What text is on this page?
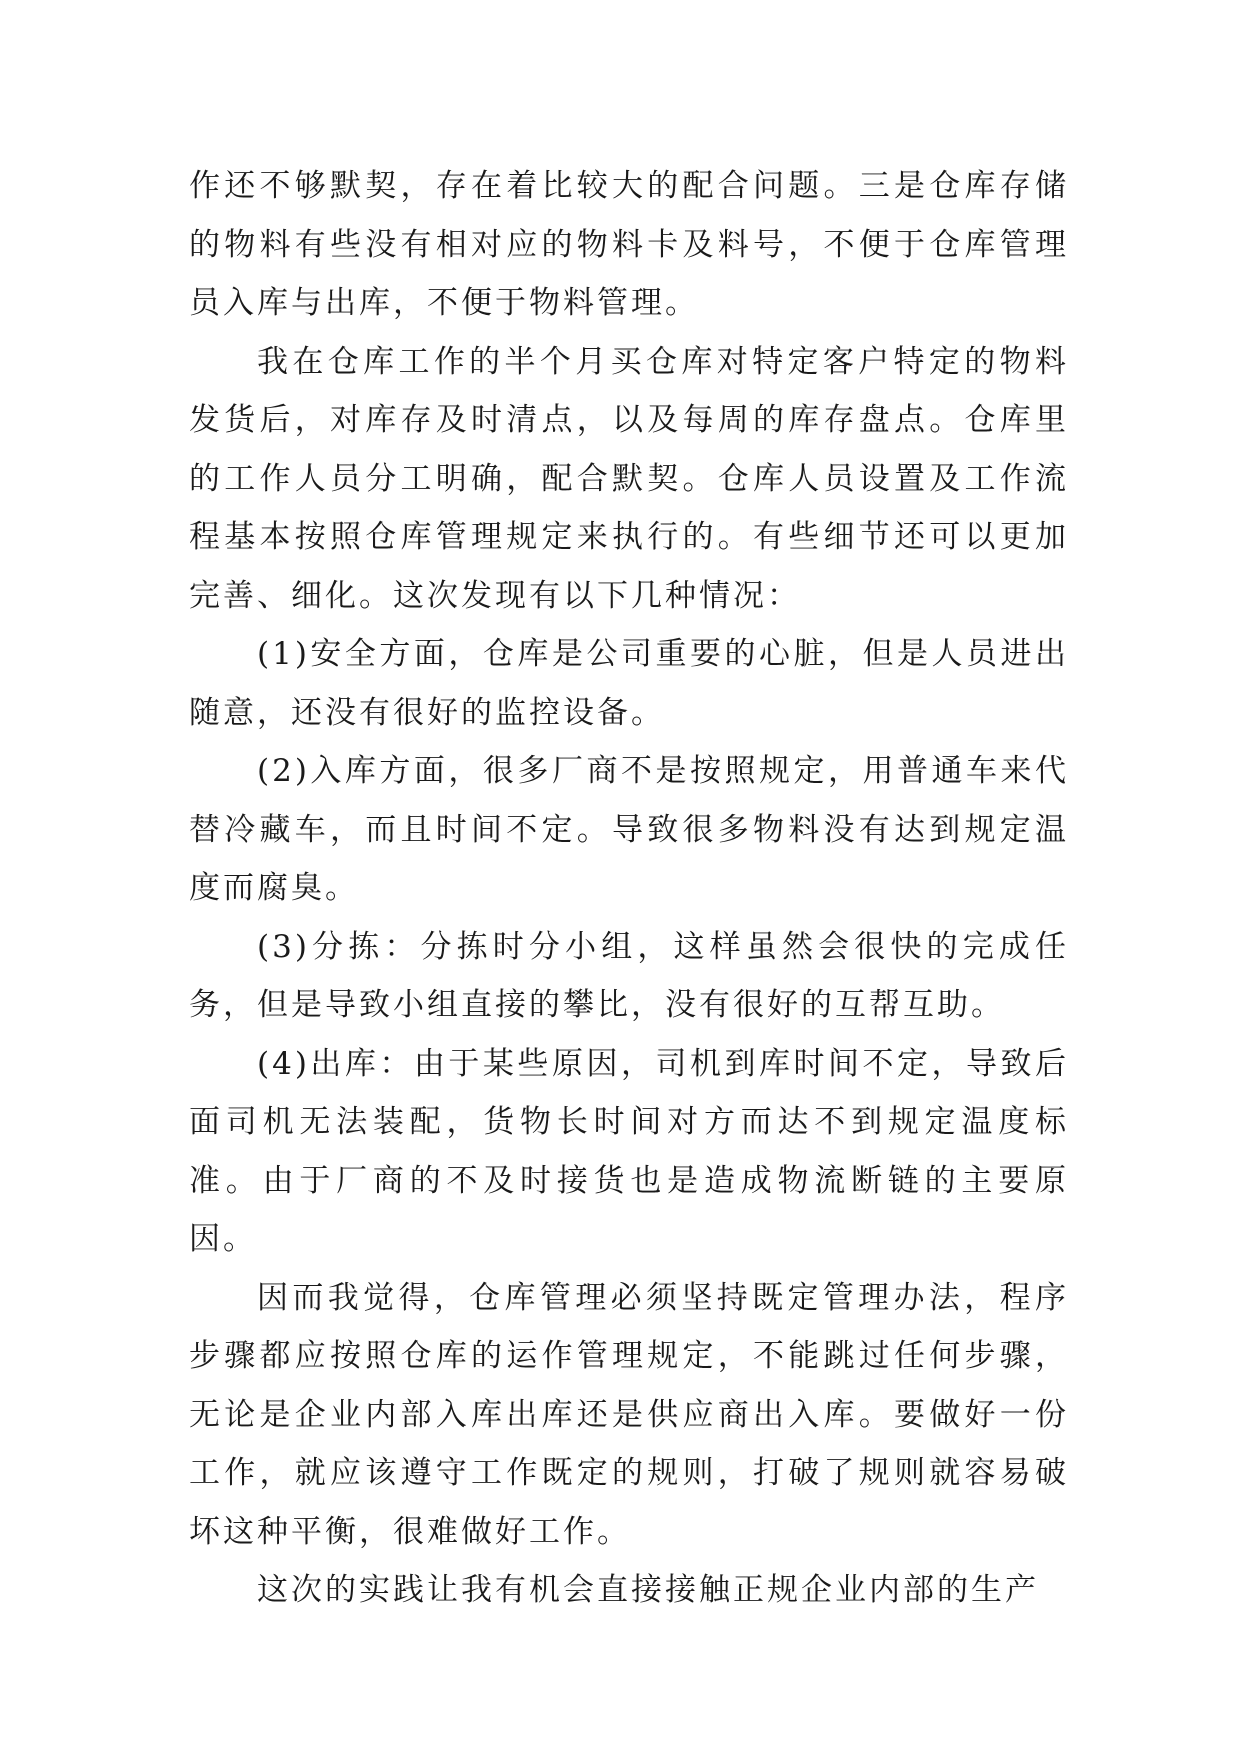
作还不够默契，存在着比较大的配合问题。三是仓库存储的物料有些没有相对应的物料卡及料号，不便于仓库管理员入库与出库，不便于物料管理。

我在仓库工作的半个月买仓库对特定客户特定的物料发货后，对库存及时清点，以及每周的库存盘点。仓库里的工作人员分工明确，配合默契。仓库人员设置及工作流程基本按照仓库管理规定来执行的。有些细节还可以更加完善、细化。这次发现有以下几种情况：

(1)安全方面，仓库是公司重要的心脏，但是人员进出随意，还没有很好的监控设备。

(2)入库方面，很多厂商不是按照规定，用普通车来代替冷藏车，而且时间不定。导致很多物料没有达到规定温度而腐臭。

(3)分拣：分拣时分小组，这样虽然会很快的完成任务，但是导致小组直接的攀比，没有很好的互帮互助。

(4)出库：由于某些原因，司机到库时间不定，导致后面司机无法装配，货物长时间对方而达不到规定温度标准。由于厂商的不及时接货也是造成物流断链的主要原因。

因而我觉得，仓库管理必须坚持既定管理办法，程序步骤都应按照仓库的运作管理规定，不能跳过任何步骤，无论是企业内部入库出库还是供应商出入库。要做好一份工作，就应该遵守工作既定的规则，打破了规则就容易破坏这种平衡，很难做好工作。

这次的实践让我有机会直接接触正规企业内部的生产
